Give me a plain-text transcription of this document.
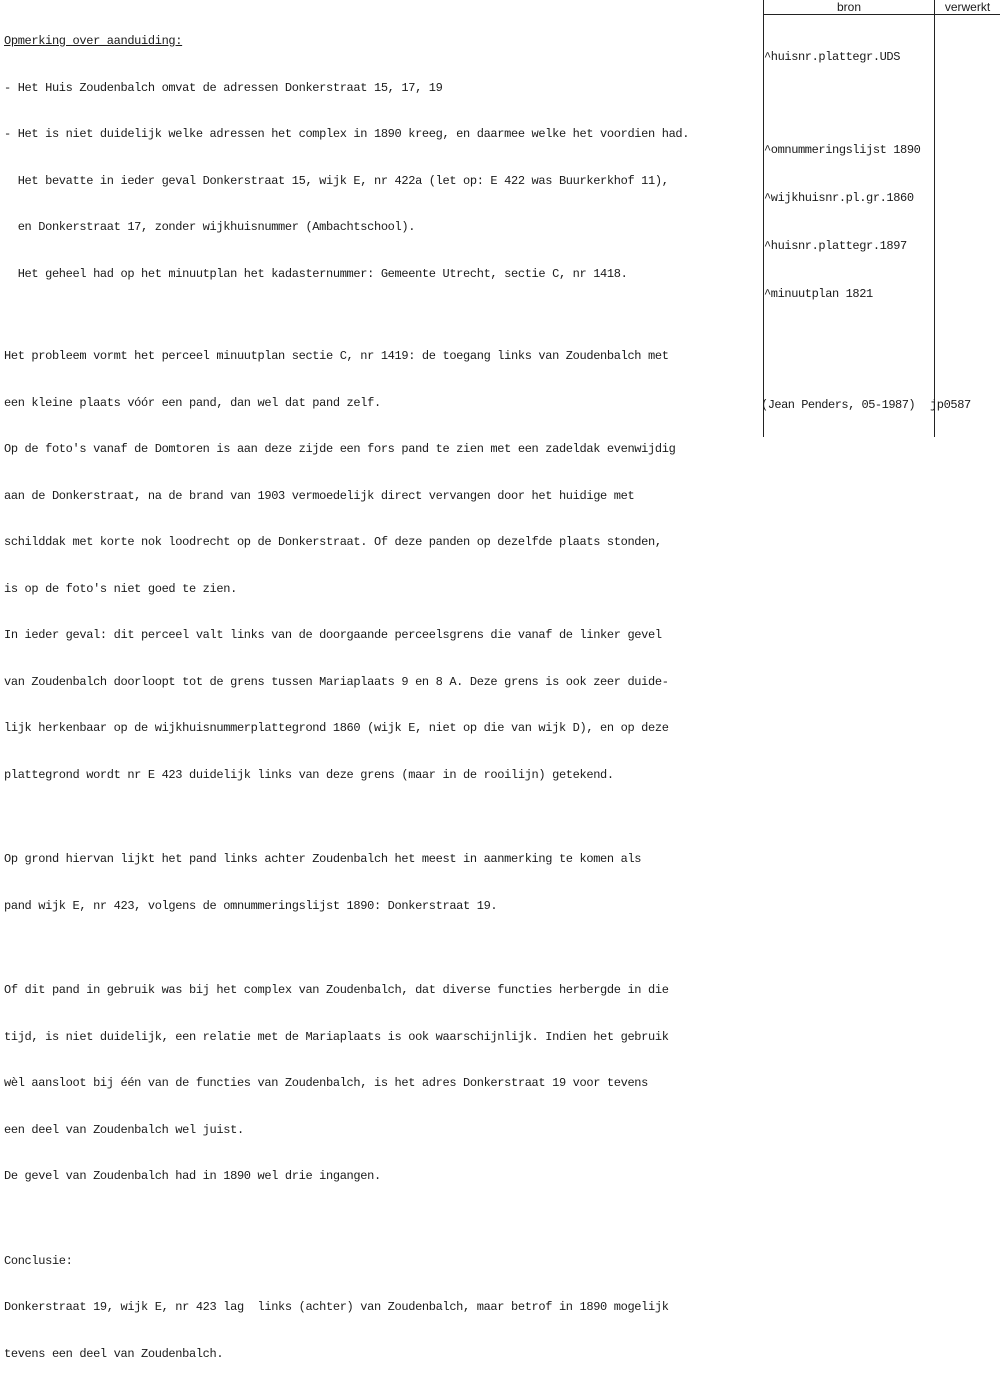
bron	verwerkt

Opmerking over aanduiding:

- Het Huis Zoudenbalch omvat de adressen Donkerstraat 15, 17, 19

- Het is niet duidelijk welke adressen het complex in 1890 kreeg, en daarmee welke het voordien had.

Het bevatte in ieder geval Donkerstraat 15, wijk E, nr 422a (let op: E 422 was Buurkerkhof 11),

en Donkerstraat 17, zonder wijkhuisnummer (Ambachtschool).

Het geheel had op het minuutplan het kadasternummer: Gemeente Utrecht, sectie C, nr 1418.

Het probleem vormt het perceel minuutplan sectie C, nr 1419: de toegang links van Zoudenbalch met

een kleine plaats vóór een pand, dan wel dat pand zelf.

Op de foto's vanaf de Domtoren is aan deze zijde een fors pand te zien met een zadeldak evenwijdig

aan de Donkerstraat, na de brand van 1903 vermoedelijk direct vervangen door het huidige met

schilddak met korte nok loodrecht op de Donkerstraat. Of deze panden op dezelfde plaats stonden,

is op de foto's niet goed te zien.

In ieder geval: dit perceel valt links van de doorgaande perceelsgrens die vanaf de linker gevel

van Zoudenbalch doorloopt tot de grens tussen Mariaplaats 9 en 8 A. Deze grens is ook zeer duide-

lijk herkenbaar op de wijkhuisnummerplattegrond 1860 (wijk E, niet op die van wijk D), en op deze

plattegrond wordt nr E 423 duidelijk links van deze grens (maar in de rooilijn) getekend.

Op grond hiervan lijkt het pand links achter Zoudenbalch het meest in aanmerking te komen als

pand wijk E, nr 423, volgens de omnummeringslijst 1890: Donkerstraat 19.

Of dit pand in gebruik was bij het complex van Zoudenbalch, dat diverse functies herbergde in die

tijd, is niet duidelijk, een relatie met de Mariaplaats is ook waarschijnlijk. Indien het gebruik

wèl aansloot bij één van de functies van Zoudenbalch, is het adres Donkerstraat 19 voor tevens

een deel van Zoudenbalch wel juist.

De gevel van Zoudenbalch had in 1890 wel drie ingangen.

Conclusie:

Donkerstraat 19, wijk E, nr 423 lag  links (achter) van Zoudenbalch, maar betrof in 1890 mogelijk

tevens een deel van Zoudenbalch.

^huisnr.plattegr.UDS

^omnummeringslijst 1890

^wijkhuisnr.pl.gr.1860

^huisnr.plattegr.1897

^minuutplan 1821

(Jean Penders, 05-1987) jp0587
